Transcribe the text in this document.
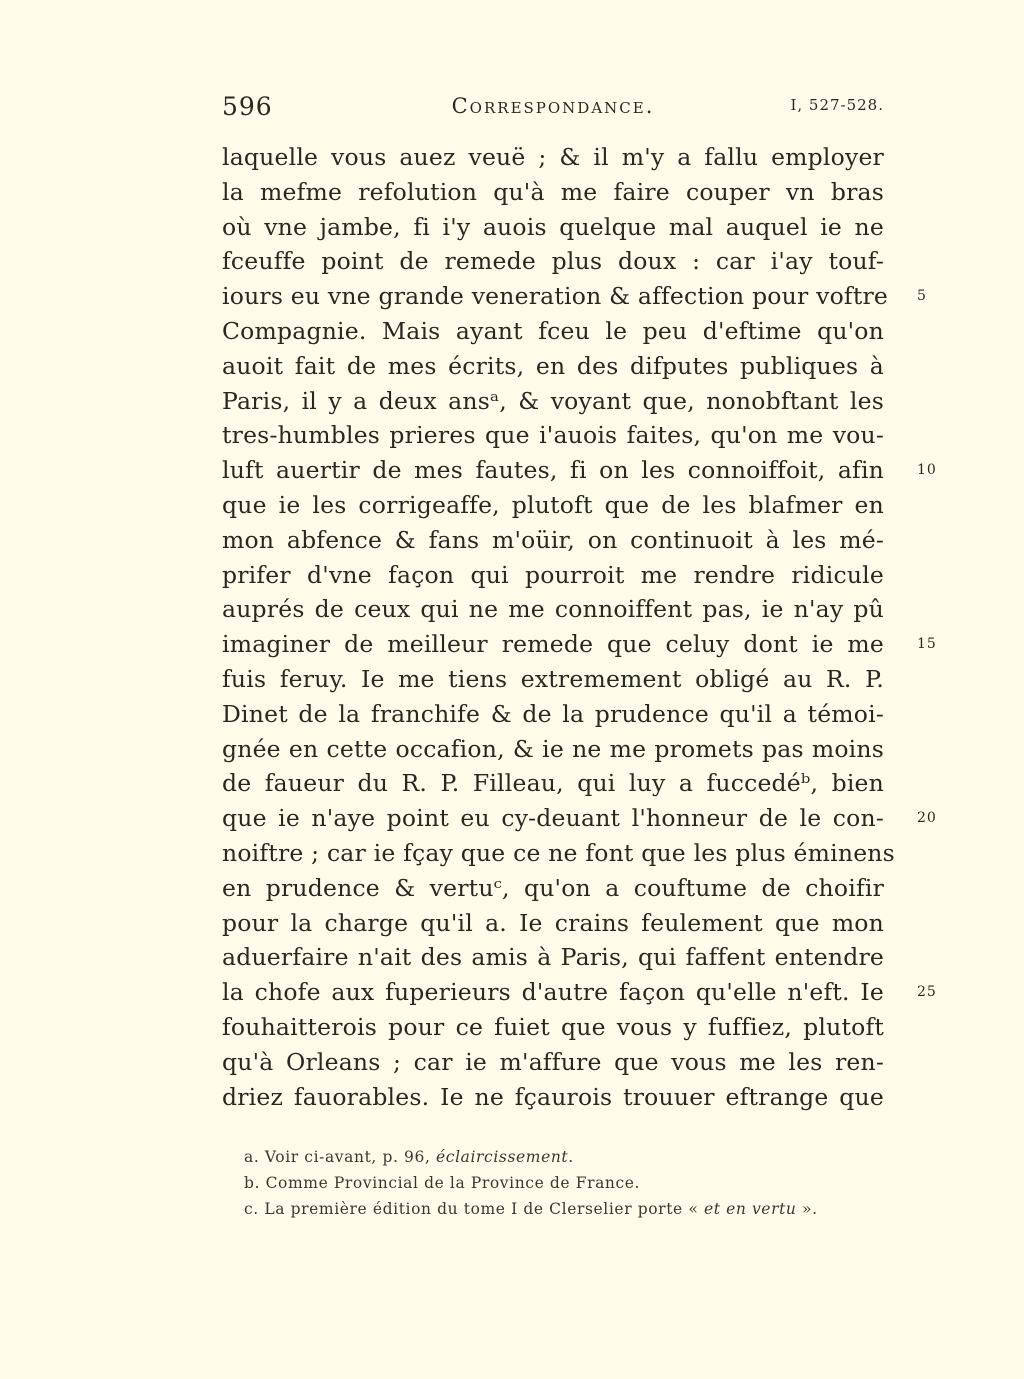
596	Correspondance.	I, 527-528.
laquelle vous auez veuë ; & il m'y a fallu employer
la mefme refolution qu'à me faire couper vn bras
où vne jambe, fi i'y auois quelque mal auquel ie ne
fceuffe point de remede plus doux : car i'ay touf-
iours eu vne grande veneration & affection pour voftre 5
Compagnie. Mais ayant fceu le peu d'eftime qu'on
auoit fait de mes écrits, en des difputes publiques à
Paris, il y a deux ansᵃ, & voyant que, nonobftant les
tres-humbles prieres que i'auois faites, qu'on me vou-
luft auertir de mes fautes, fi on les connoiffoit, afin 10
que ie les corrigeaffe, plutoft que de les blafmer en
mon abfence & fans m'oüir, on continuoit à les mé-
prifer d'vne façon qui pourroit me rendre ridicule
auprés de ceux qui ne me connoiffent pas, ie n'ay pû
imaginer de meilleur remede que celuy dont ie me 15
fuis feruy. Ie me tiens extremement obligé au R. P.
Dinet de la franchife & de la prudence qu'il a témoi-
gnée en cette occafion, & ie ne me promets pas moins
de faueur du R. P. Filleau, qui luy a fuccedéᵇ, bien
que ie n'aye point eu cy-deuant l'honneur de le con- 20
noiftre ; car ie fçay que ce ne font que les plus éminens
en prudence & vertuᶜ, qu'on a couftume de choifir
pour la charge qu'il a. Ie crains feulement que mon
aduerfaire n'ait des amis à Paris, qui faffent entendre
la chofe aux fuperieurs d'autre façon qu'elle n'eft. Ie 25
fouhaitterois pour ce fuiet que vous y fuffiez, plutoft
qu'à Orleans ; car ie m'affure que vous me les ren-
driez fauorables. Ie ne fçaurois trouuer eftrange que
a. Voir ci-avant, p. 96, éclaircissement.
b. Comme Provincial de la Province de France.
c. La première édition du tome I de Clerselier porte « et en vertu ».
